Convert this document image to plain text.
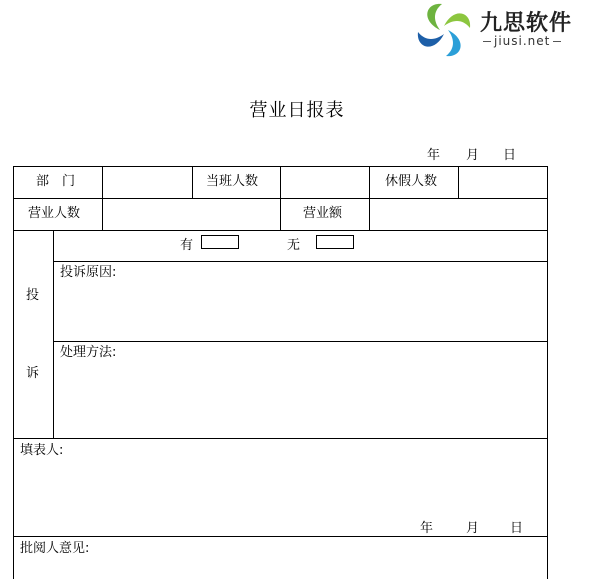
九思软件
jiusi.net
营业日报表
年 月 日
部　门	当班人数	休假人数
营业人数	营业额
投
诉
有	无
投诉原因:
处理方法:
填表人:
年	月 日
批阅人意见:
